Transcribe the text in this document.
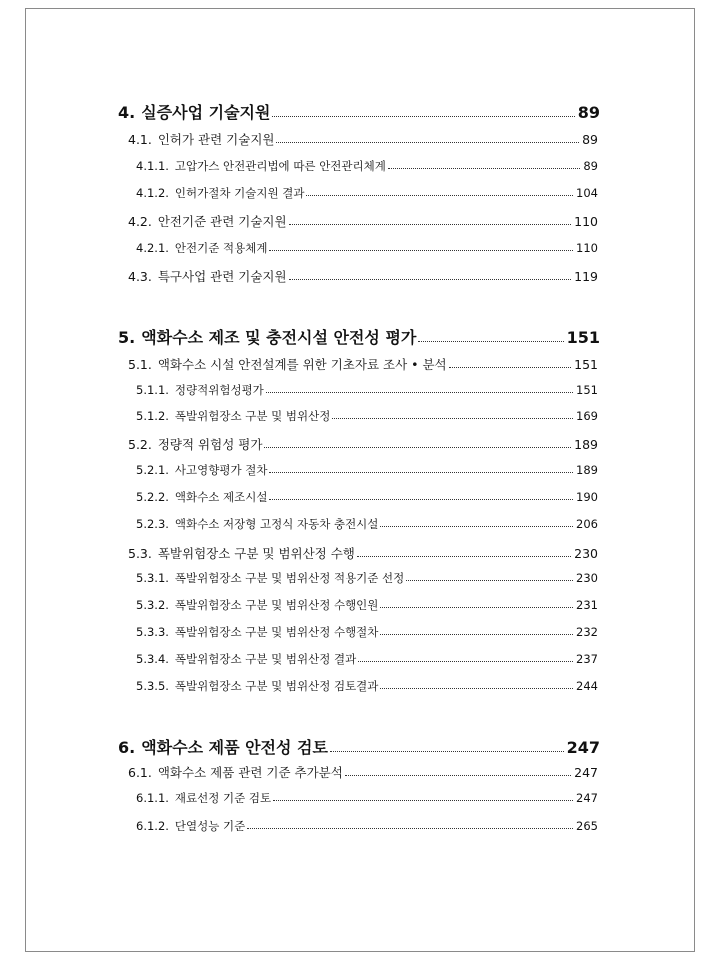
4. 실증사업 기술지원	89
4.1. 인허가 관련 기술지원	89
4.1.1. 고압가스 안전관리법에 따른 안전관리체계	89
4.1.2. 인허가절차 기술지원 결과	104
4.2. 안전기준 관련 기술지원	110
4.2.1. 안전기준 적용체계	110
4.3. 특구사업 관련 기술지원	119
5. 액화수소 제조 및 충전시설 안전성 평가	151
5.1. 액화수소 시설 안전설계를 위한 기초자료 조사 • 분석	151
5.1.1. 정량적위험성평가	151
5.1.2. 폭발위험장소 구분 및 범위산정	169
5.2. 정량적 위험성 평가	189
5.2.1. 사고영향평가 절차	189
5.2.2. 액화수소 제조시설	190
5.2.3. 액화수소 저장형 고정식 자동차 충전시설	206
5.3. 폭발위험장소 구분 및 범위산정 수행	230
5.3.1. 폭발위험장소 구분 및 범위산정 적용기준 선정	230
5.3.2. 폭발위험장소 구분 및 범위산정 수행인원	231
5.3.3. 폭발위험장소 구분 및 범위산정 수행절차	232
5.3.4. 폭발위험장소 구분 및 범위산정 결과	237
5.3.5. 폭발위험장소 구분 및 범위산정 검토결과	244
6. 액화수소 제품 안전성 검토	247
6.1. 액화수소 제품 관련 기준 추가분석	247
6.1.1. 재료선정 기준 검토	247
6.1.2. 단열성능 기준	265
